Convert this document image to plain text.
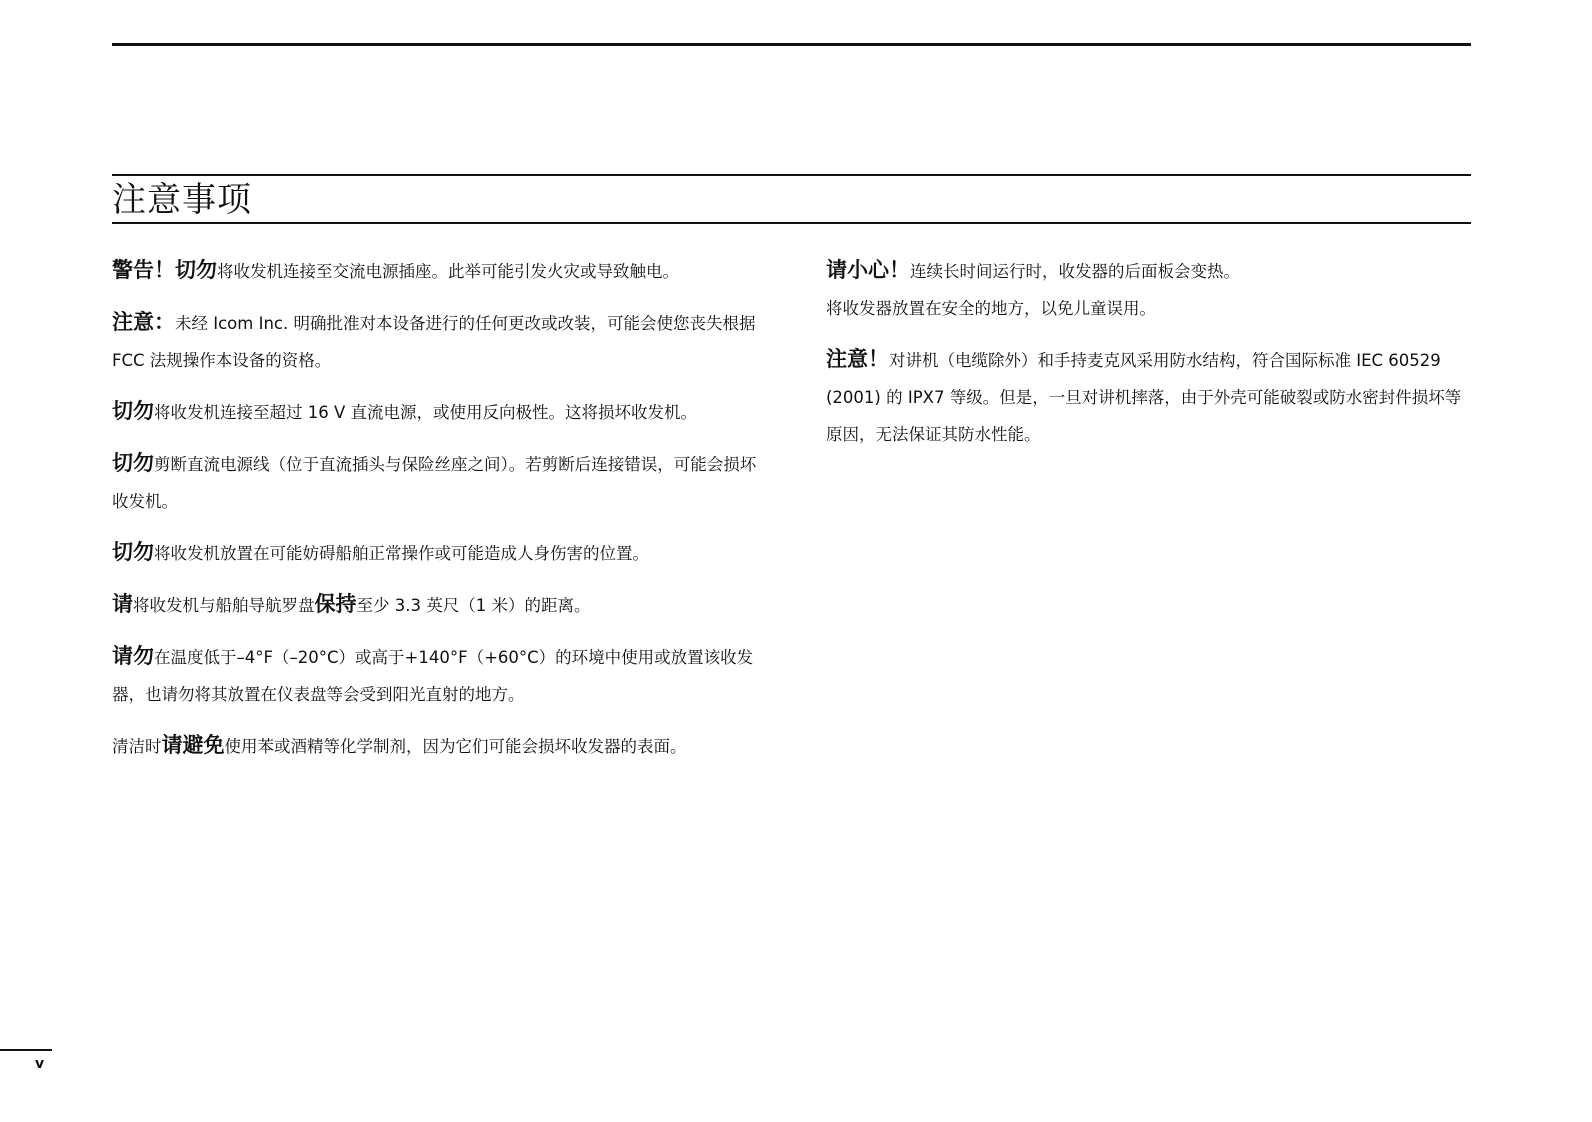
注意事项

警告！切勿将收发机连接至交流电源插座。此举可能引发火灾或导致触电。

注意：未经 Icom Inc. 明确批准对本设备进行的任何更改或改装，可能会使您丧失根据 FCC 法规操作本设备的资格。

切勿将收发机连接至超过 16 V 直流电源，或使用反向极性。这将损坏收发机。

切勿剪断直流电源线（位于直流插头与保险丝座之间）。若剪断后连接错误，可能会损坏收发机。

切勿将收发机放置在可能妨碍船舶正常操作或可能造成人身伤害的位置。

请将收发机与船舶导航罗盘保持至少 3.3 英尺（1 米）的距离。

请勿在温度低于–4°F（–20°C）或高于+140°F（+60°C）的环境中使用或放置该收发器，也请勿将其放置在仪表盘等会受到阳光直射的地方。

清洁时请避免使用苯或酒精等化学制剂，因为它们可能会损坏收发器的表面。

请小心！连续长时间运行时，收发器的后面板会变热。

将收发器放置在安全的地方，以免儿童误用。

注意！对讲机（电缆除外）和手持麦克风采用防水结构，符合国际标准 IEC 60529 (2001) 的 IPX7 等级。但是，一旦对讲机摔落，由于外壳可能破裂或防水密封件损坏等原因，无法保证其防水性能。

v
